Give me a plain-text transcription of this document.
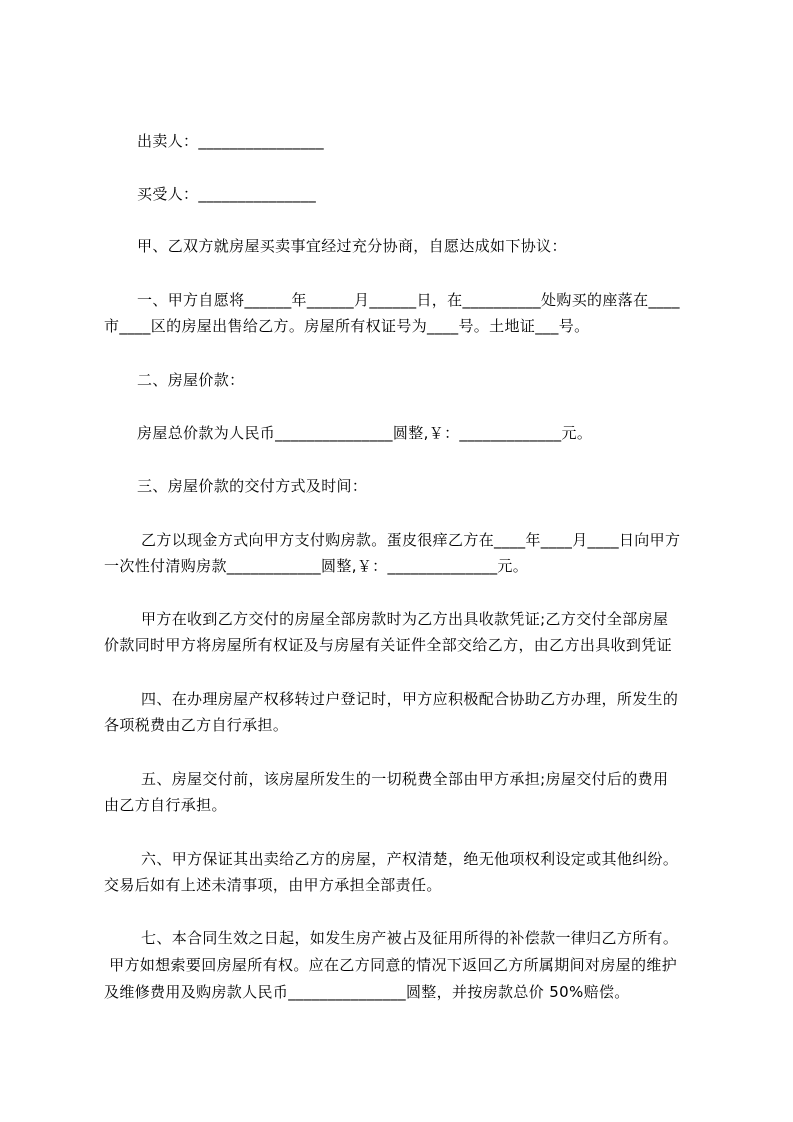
出卖人：________________
买受人：_______________
甲、乙双方就房屋买卖事宜经过充分协商，自愿达成如下协议：
一、甲方自愿将______年______月______日，在__________处购买的座落在____
市____区的房屋出售给乙方。房屋所有权证号为____号。土地证___号。
二、房屋价款：
房屋总价款为人民币_______________圆整,￥：_____________元。
三、房屋价款的交付方式及时间：
乙方以现金方式向甲方支付购房款。蛋皮很痒乙方在____年____月____日向甲方
一次性付清购房款____________圆整,￥：______________元。
甲方在收到乙方交付的房屋全部房款时为乙方出具收款凭证;乙方交付全部房屋
价款同时甲方将房屋所有权证及与房屋有关证件全部交给乙方，由乙方出具收到凭证
四、在办理房屋产权移转过户登记时，甲方应积极配合协助乙方办理，所发生的
各项税费由乙方自行承担。
五、房屋交付前，该房屋所发生的一切税费全部由甲方承担;房屋交付后的费用
由乙方自行承担。
六、甲方保证其出卖给乙方的房屋，产权清楚，绝无他项权利设定或其他纠纷。
交易后如有上述未清事项，由甲方承担全部责任。
七、本合同生效之日起，如发生房产被占及征用所得的补偿款一律归乙方所有。
甲方如想索要回房屋所有权。应在乙方同意的情况下返回乙方所属期间对房屋的维护
及维修费用及购房款人民币_______________圆整，并按房款总价 50%赔偿。
